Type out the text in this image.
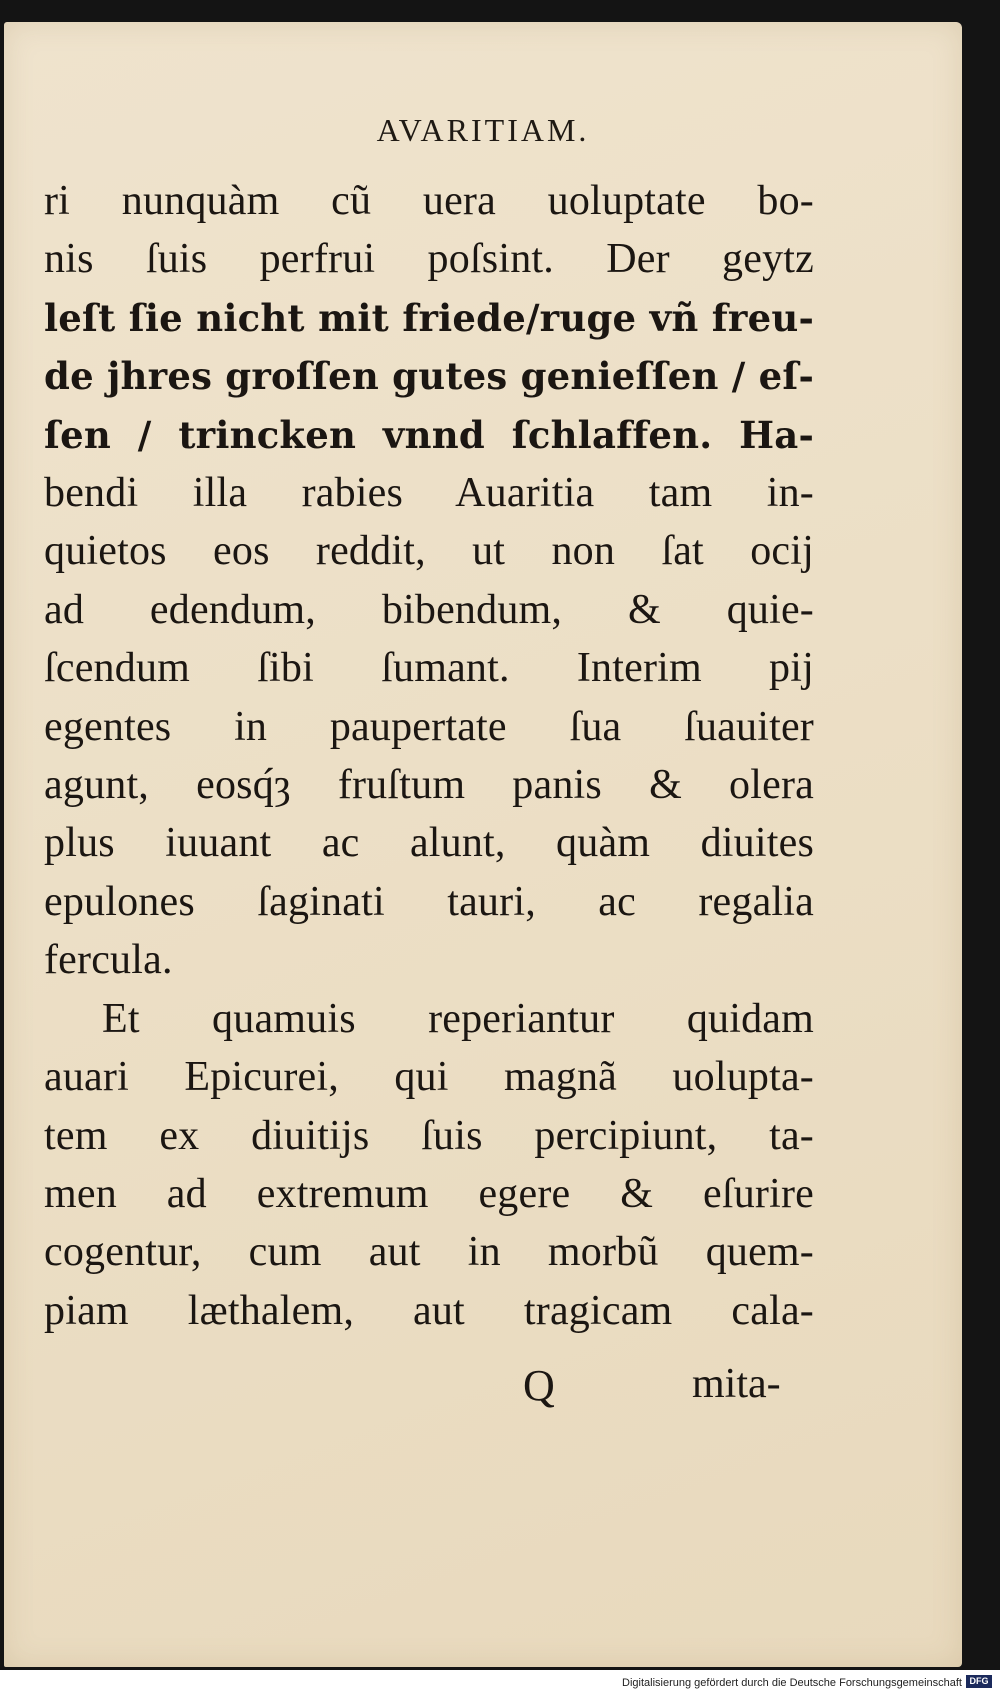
AVARITIAM.
ri nunquàm cũ uera uoluptate bo-
nis ſuis perfrui poſsint. Der geytz
leſt ſie nicht mit friede/ruge vñ freu-
de jhres groſſen gutes genieſſen / eſ-
ſen / trincken vnnd ſchlaffen. Ha-
bendi illa rabies Auaritia tam in-
quietos eos reddit, ut non ſat ocij
ad edendum, bibendum, & quie-
ſcendum ſibi ſumant. Interim pij
egentes in paupertate ſua ſuauiter
agunt, eosq́ȝ fruſtum panis & olera
plus iuuant ac alunt, quàm diuites
epulones ſaginati tauri, ac regalia
fercula.
Et quamuis reperiantur quidam
auari Epicurei, qui magnã uolupta-
tem ex diuitijs ſuis percipiunt, ta-
men ad extremum egere & eſurire
cogentur, cum aut in morbũ quem-
piam læthalem, aut tragicam cala-
Q	mita-
Digitalisierung gefördert durch die Deutsche Forschungsgemeinschaft DFG
